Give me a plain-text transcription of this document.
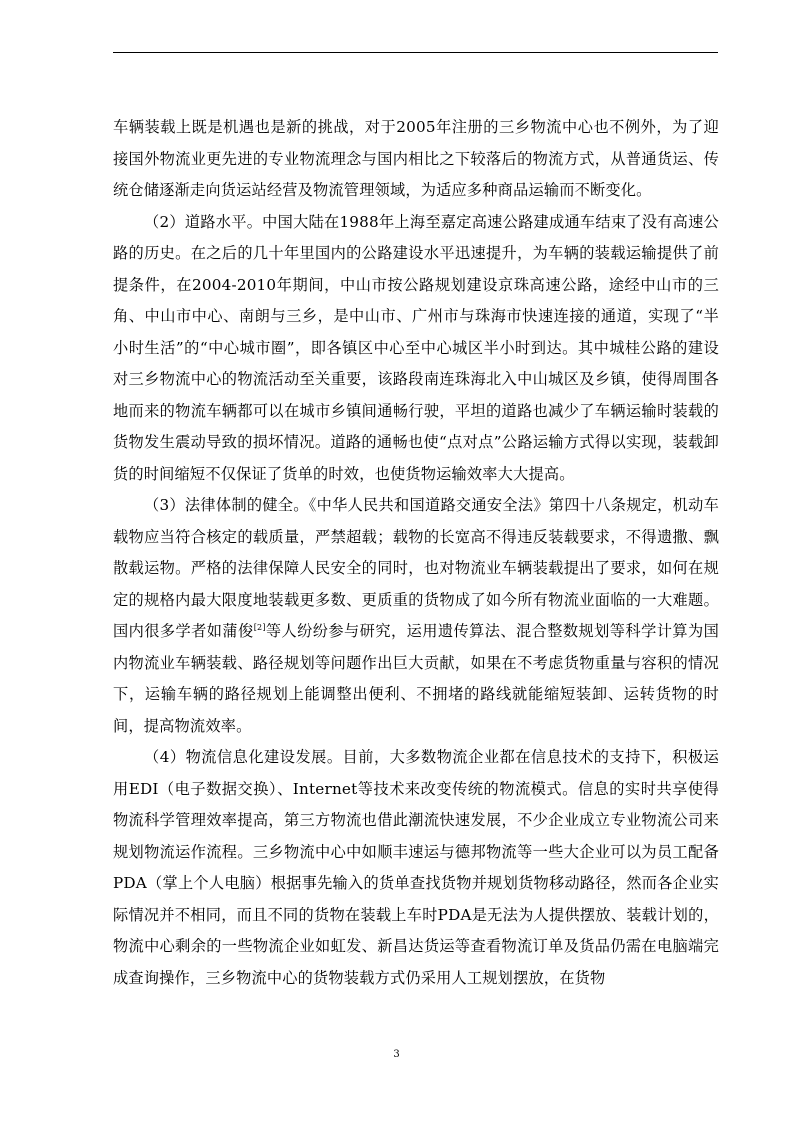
车辆装载上既是机遇也是新的挑战，对于2005年注册的三乡物流中心也不例外，为了迎接国外物流业更先进的专业物流理念与国内相比之下较落后的物流方式，从普通货运、传统仓储逐渐走向货运站经营及物流管理领域，为适应多种商品运输而不断变化。

（2）道路水平。中国大陆在1988年上海至嘉定高速公路建成通车结束了没有高速公路的历史。在之后的几十年里国内的公路建设水平迅速提升，为车辆的装载运输提供了前提条件，在2004-2010年期间，中山市按公路规划建设京珠高速公路，途经中山市的三角、中山市中心、南朗与三乡，是中山市、广州市与珠海市快速连接的通道，实现了“半小时生活”的“中心城市圈”，即各镇区中心至中心城区半小时到达。其中城桂公路的建设对三乡物流中心的物流活动至关重要，该路段南连珠海北入中山城区及乡镇，使得周围各地而来的物流车辆都可以在城市乡镇间通畅行驶，平坦的道路也减少了车辆运输时装载的货物发生震动导致的损坏情况。道路的通畅也使“点对点”公路运输方式得以实现，装载卸货的时间缩短不仅保证了货单的时效，也使货物运输效率大大提高。

（3）法律体制的健全。《中华人民共和国道路交通安全法》第四十八条规定，机动车载物应当符合核定的载质量，严禁超载；载物的长宽高不得违反装载要求，不得遗撒、飘散载运物。严格的法律保障人民安全的同时，也对物流业车辆装载提出了要求，如何在规定的规格内最大限度地装载更多数、更质重的货物成了如今所有物流业面临的一大难题。国内很多学者如蒲俊[2]等人纷纷参与研究，运用遗传算法、混合整数规划等科学计算为国内物流业车辆装载、路径规划等问题作出巨大贡献，如果在不考虑货物重量与容积的情况下，运输车辆的路径规划上能调整出便利、不拥堵的路线就能缩短装卸、运转货物的时间，提高物流效率。

（4）物流信息化建设发展。目前，大多数物流企业都在信息技术的支持下，积极运用EDI（电子数据交换）、Internet等技术来改变传统的物流模式。信息的实时共享使得物流科学管理效率提高，第三方物流也借此潮流快速发展，不少企业成立专业物流公司来规划物流运作流程。三乡物流中心中如顺丰速运与德邦物流等一些大企业可以为员工配备PDA（掌上个人电脑）根据事先输入的货单查找货物并规划货物移动路径，然而各企业实际情况并不相同，而且不同的货物在装载上车时PDA是无法为人提供摆放、装载计划的，物流中心剩余的一些物流企业如虹发、新昌达货运等查看物流订单及货品仍需在电脑端完成查询操作，三乡物流中心的货物装载方式仍采用人工规划摆放，在货物

3
